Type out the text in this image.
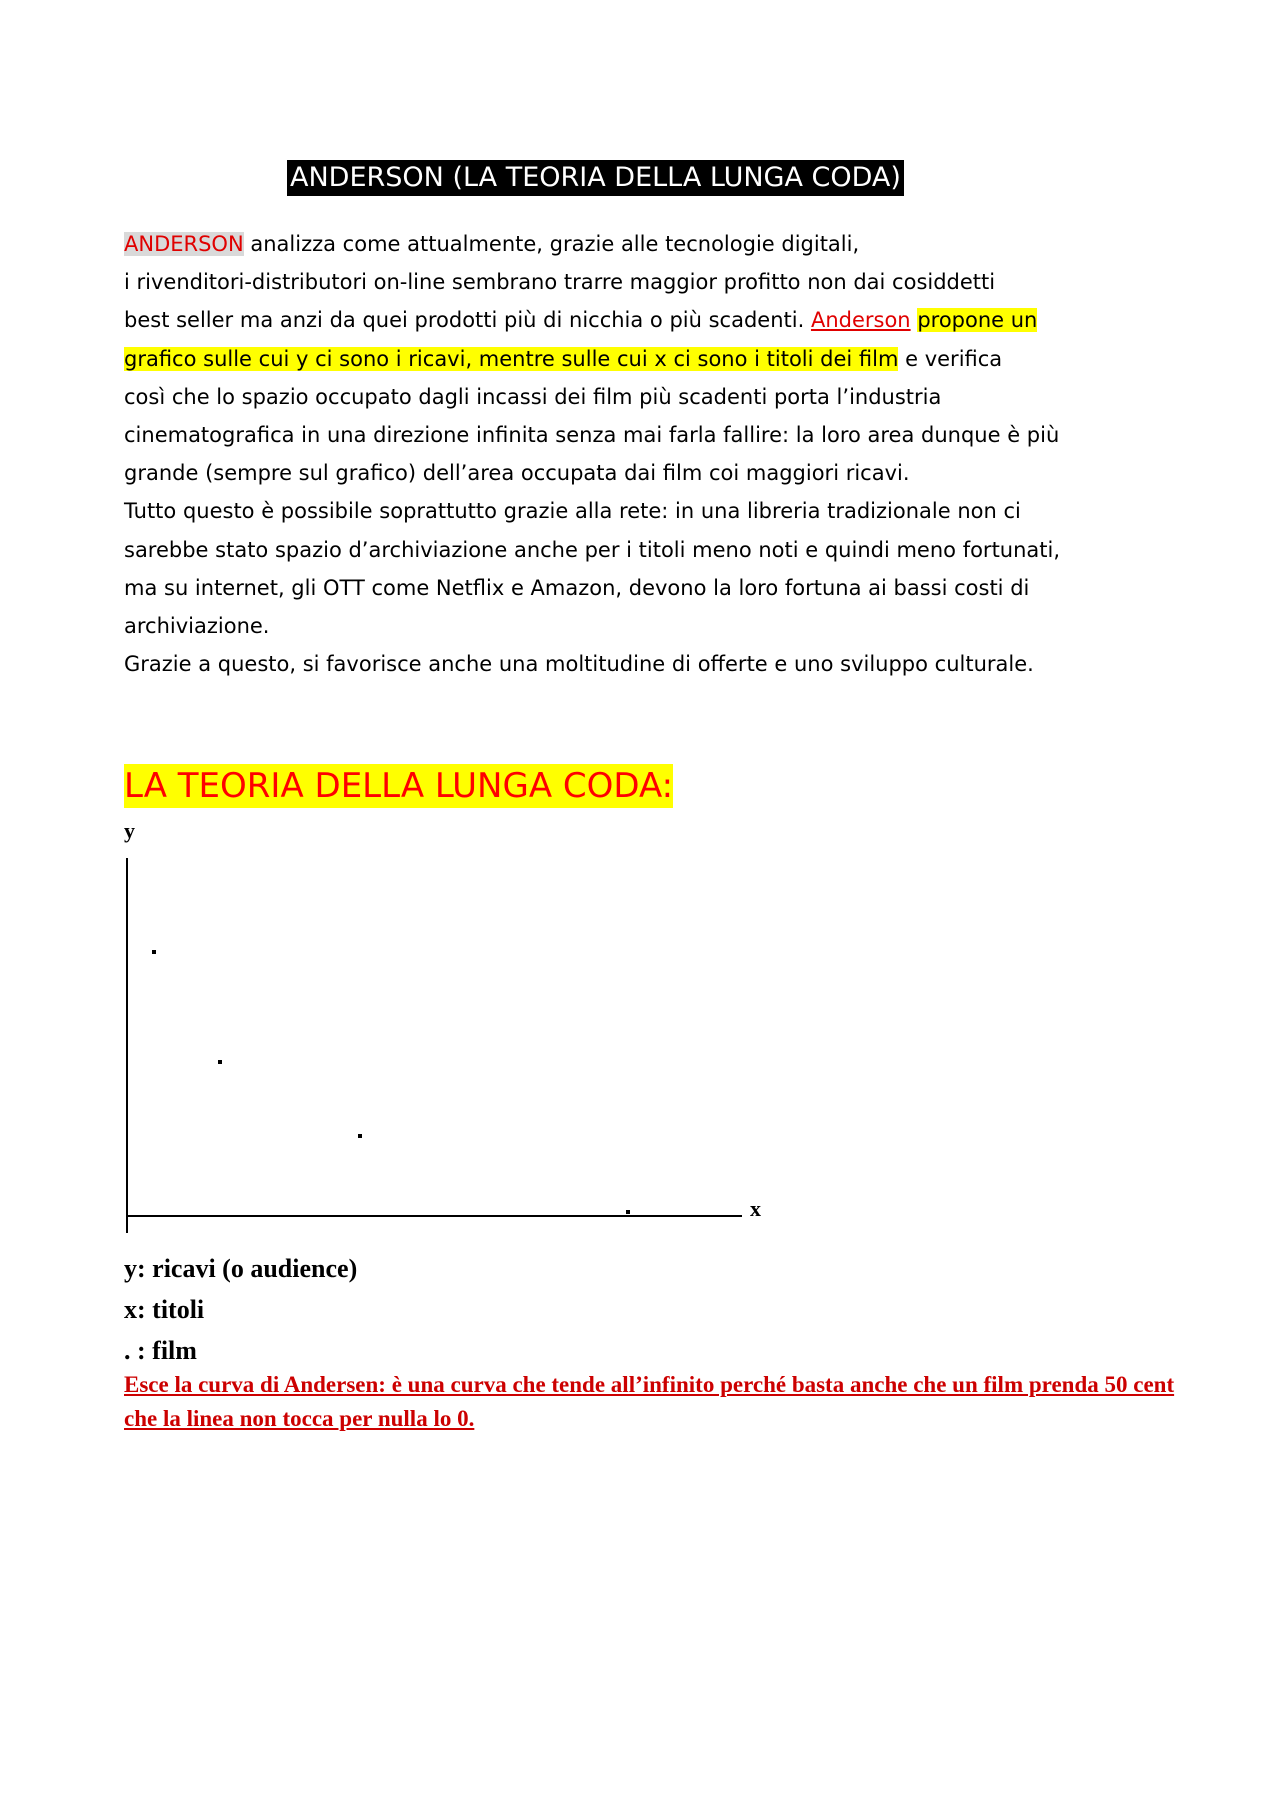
ANDERSON (LA TEORIA DELLA LUNGA CODA)
ANDERSON analizza come attualmente, grazie alle tecnologie digitali,
i rivenditori-distributori on-line sembrano trarre maggior profitto non dai cosiddetti
best seller ma anzi da quei prodotti più di nicchia o più scadenti. Anderson propone un
grafico sulle cui y ci sono i ricavi, mentre sulle cui x ci sono i titoli dei film e verifica
così che lo spazio occupato dagli incassi dei film più scadenti porta l’industria
cinematografica in una direzione infinita senza mai farla fallire: la loro area dunque è più
grande (sempre sul grafico) dell’area occupata dai film coi maggiori ricavi.
Tutto questo è possibile soprattutto grazie alla rete: in una libreria tradizionale non ci
sarebbe stato spazio d’archiviazione anche per i titoli meno noti e quindi meno fortunati,
ma su internet, gli OTT come Netflix e Amazon, devono la loro fortuna ai bassi costi di
archiviazione.
Grazie a questo, si favorisce anche una moltitudine di offerte e uno sviluppo culturale.
LA TEORIA DELLA LUNGA CODA:
y
x
y: ricavi (o audience)
x: titoli
. : film
Esce la curva di Andersen: è una curva che tende all’infinito perché basta anche che un film prenda 50 cent che la linea non tocca per nulla lo 0.
